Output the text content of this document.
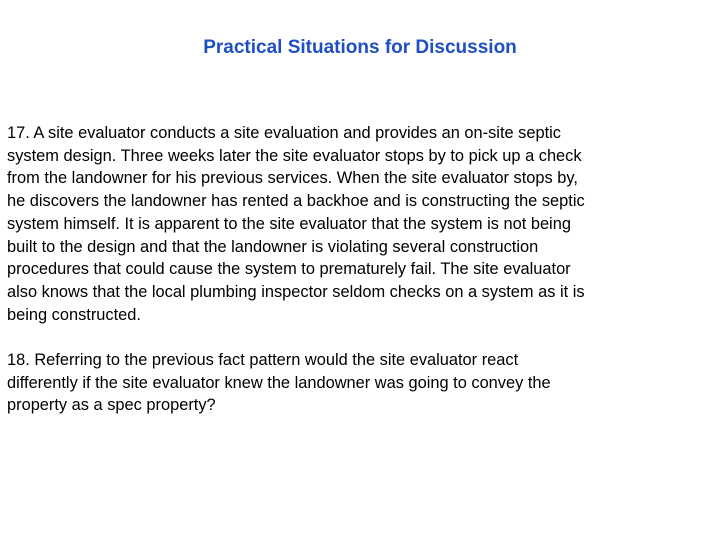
Practical Situations for Discussion

17. A site evaluator conducts a site evaluation and provides an on-site septic
system design. Three weeks later the site evaluator stops by to pick up a check
from the landowner for his previous services. When the site evaluator stops by,
he discovers the landowner has rented a backhoe and is constructing the septic
system himself. It is apparent to the site evaluator that the system is not being
built to the design and that the landowner is violating several construction
procedures that could cause the system to prematurely fail. The site evaluator
also knows that the local plumbing inspector seldom checks on a system as it is
being constructed.

18. Referring to the previous fact pattern would the site evaluator react
differently if the site evaluator knew the landowner was going to convey the
property as a spec property?
